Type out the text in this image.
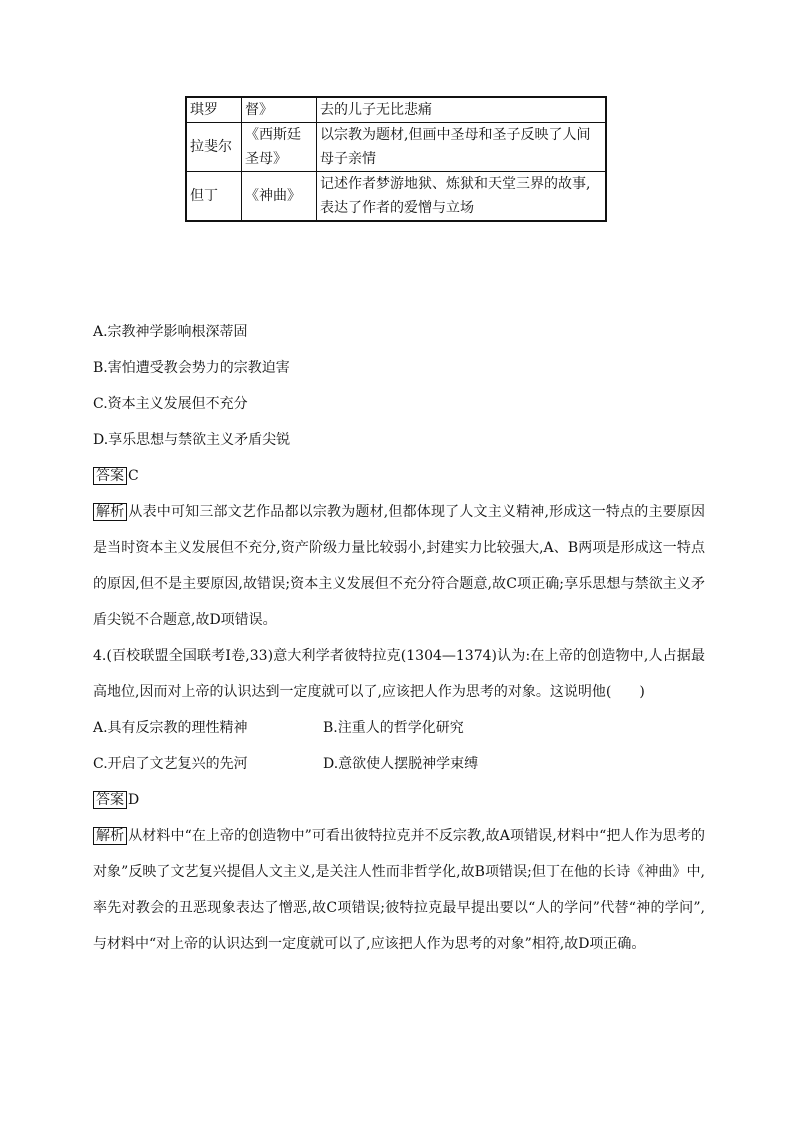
琪罗	督》	去的儿子无比悲痛
拉斐尔	《西斯廷圣母》	以宗教为题材,但画中圣母和圣子反映了人间母子亲情
但丁	《神曲》	记述作者梦游地狱、炼狱和天堂三界的故事,表达了作者的爱憎与立场
A.宗教神学影响根深蒂固
B.害怕遭受教会势力的宗教迫害
C.资本主义发展但不充分
D.享乐思想与禁欲主义矛盾尖锐
答案 C
解析 从表中可知三部文艺作品都以宗教为题材,但都体现了人文主义精神,形成这一特点的主要原因是当时资本主义发展但不充分,资产阶级力量比较弱小,封建实力比较强大,A、B两项是形成这一特点的原因,但不是主要原因,故错误;资本主义发展但不充分符合题意,故C项正确;享乐思想与禁欲主义矛盾尖锐不合题意,故D项错误。
4.(百校联盟全国联考Ⅰ卷,33)意大利学者彼特拉克(1304—1374)认为:在上帝的创造物中,人占据最高地位,因而对上帝的认识达到一定度就可以了,应该把人作为思考的对象。这说明他(　　)
A.具有反宗教的理性精神	B.注重人的哲学化研究
C.开启了文艺复兴的先河	D.意欲使人摆脱神学束缚
答案 D
解析 从材料中“在上帝的创造物中”可看出彼特拉克并不反宗教,故A项错误,材料中“把人作为思考的对象”反映了文艺复兴提倡人文主义,是关注人性而非哲学化,故B项错误;但丁在他的长诗《神曲》中,率先对教会的丑恶现象表达了憎恶,故C项错误;彼特拉克最早提出要以“人的学问”代替“神的学问”,与材料中“对上帝的认识达到一定度就可以了,应该把人作为思考的对象”相符,故D项正确。
